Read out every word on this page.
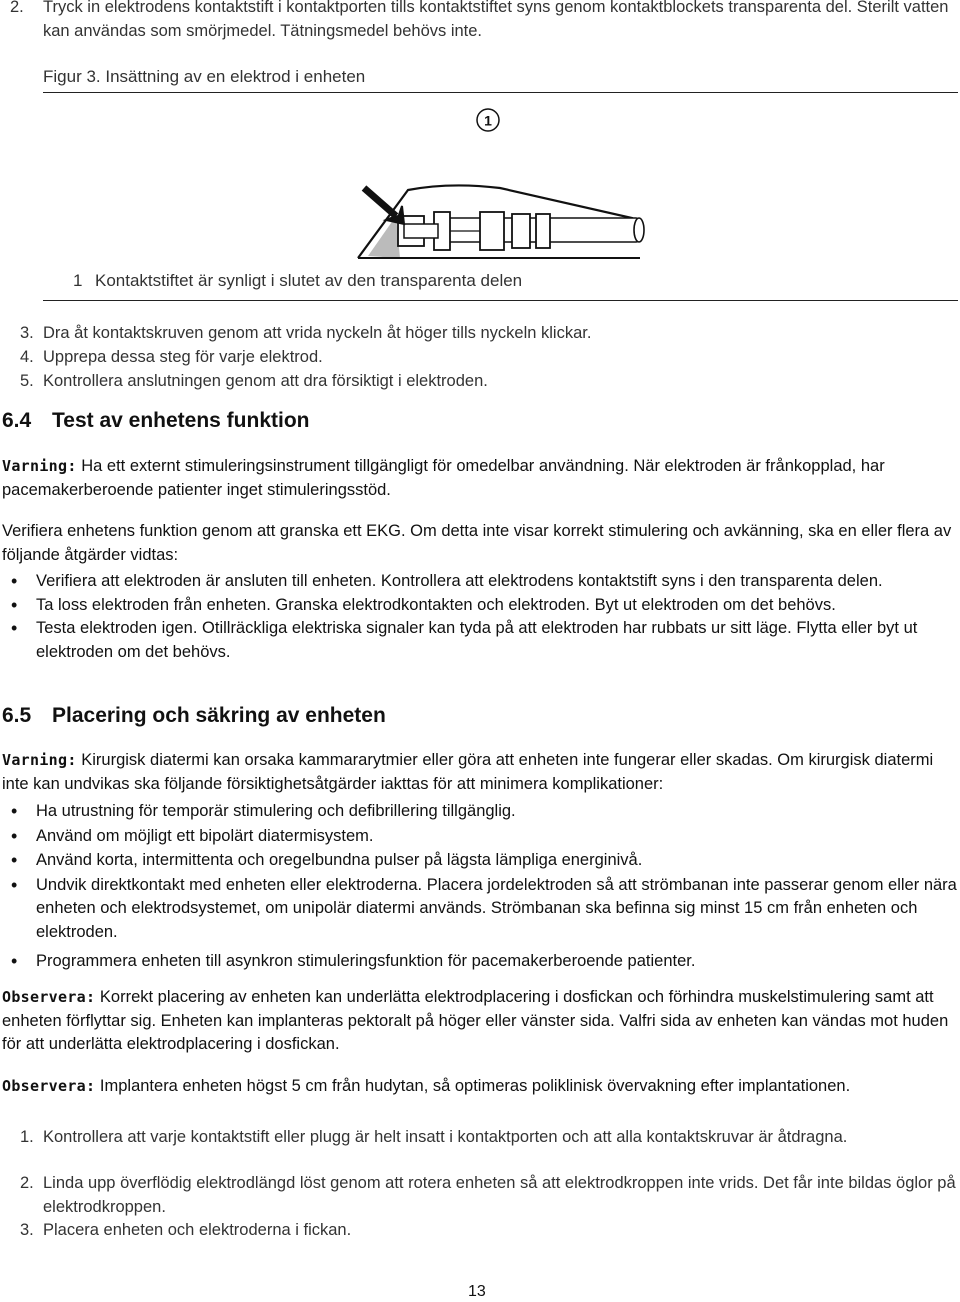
2. Tryck in elektrodens kontaktstift i kontaktporten tills kontaktstiftet syns genom kontaktblockets transparenta del. Sterilt vatten kan användas som smörjmedel. Tätningsmedel behövs inte.
Figur 3. Insättning av en elektrod i enheten
1
1 Kontaktstiftet är synligt i slutet av den transparenta delen
3. Dra åt kontaktskruven genom att vrida nyckeln åt höger tills nyckeln klickar.
4. Upprepa dessa steg för varje elektrod.
5. Kontrollera anslutningen genom att dra försiktigt i elektroden.
6.4 Test av enhetens funktion
Varning: Ha ett externt stimuleringsinstrument tillgängligt för omedelbar användning. När elektroden är frånkopplad, har pacemakerberoende patienter inget stimuleringsstöd.
Verifiera enhetens funktion genom att granska ett EKG. Om detta inte visar korrekt stimulering och avkänning, ska en eller flera av följande åtgärder vidtas:
• Verifiera att elektroden är ansluten till enheten. Kontrollera att elektrodens kontaktstift syns i den transparenta delen.
• Ta loss elektroden från enheten. Granska elektrodkontakten och elektroden. Byt ut elektroden om det behövs.
• Testa elektroden igen. Otillräckliga elektriska signaler kan tyda på att elektroden har rubbats ur sitt läge. Flytta eller byt ut elektroden om det behövs.
6.5 Placering och säkring av enheten
Varning: Kirurgisk diatermi kan orsaka kammararytmier eller göra att enheten inte fungerar eller skadas. Om kirurgisk diatermi inte kan undvikas ska följande försiktighetsåtgärder iakttas för att minimera komplikationer:
• Ha utrustning för temporär stimulering och defibrillering tillgänglig.
• Använd om möjligt ett bipolärt diatermisystem.
• Använd korta, intermittenta och oregelbundna pulser på lägsta lämpliga energinivå.
• Undvik direktkontakt med enheten eller elektroderna. Placera jordelektroden så att strömbanan inte passerar genom eller nära enheten och elektrodsystemet, om unipolär diatermi används. Strömbanan ska befinna sig minst 15 cm från enheten och elektroden.
• Programmera enheten till asynkron stimuleringsfunktion för pacemakerberoende patienter.
Observera: Korrekt placering av enheten kan underlätta elektrodplacering i dosfickan och förhindra muskelstimulering samt att enheten förflyttar sig. Enheten kan implanteras pektoralt på höger eller vänster sida. Valfri sida av enheten kan vändas mot huden för att underlätta elektrodplacering i dosfickan.
Observera: Implantera enheten högst 5 cm från hudytan, så optimeras poliklinisk övervakning efter implantationen.
1. Kontrollera att varje kontaktstift eller plugg är helt insatt i kontaktporten och att alla kontaktskruvar är åtdragna.
2. Linda upp överflödig elektrodlängd löst genom att rotera enheten så att elektrodkroppen inte vrids. Det får inte bildas öglor på elektrodkroppen.
3. Placera enheten och elektroderna i fickan.
13
